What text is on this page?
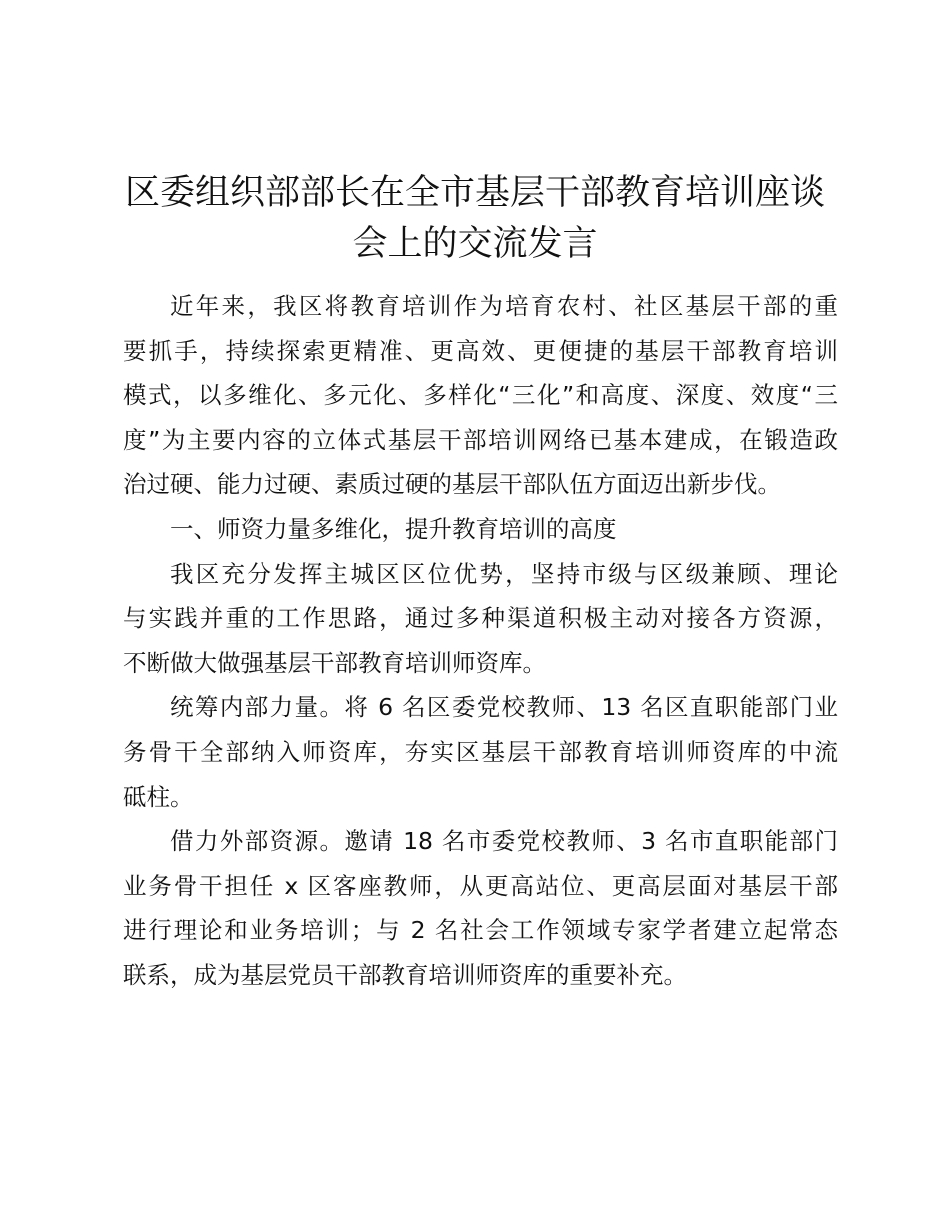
区委组织部部长在全市基层干部教育培训座谈
会上的交流发言
近年来，我区将教育培训作为培育农村、社区基层干部的重
要抓手，持续探索更精准、更高效、更便捷的基层干部教育培训
模式，以多维化、多元化、多样化“三化”和高度、深度、效度“三
度”为主要内容的立体式基层干部培训网络已基本建成，在锻造政
治过硬、能力过硬、素质过硬的基层干部队伍方面迈出新步伐。
一、师资力量多维化，提升教育培训的高度
我区充分发挥主城区区位优势，坚持市级与区级兼顾、理论
与实践并重的工作思路，通过多种渠道积极主动对接各方资源，
不断做大做强基层干部教育培训师资库。
统筹内部力量。将 6 名区委党校教师、13 名区直职能部门业
务骨干全部纳入师资库，夯实区基层干部教育培训师资库的中流
砥柱。
借力外部资源。邀请 18 名市委党校教师、3 名市直职能部门
业务骨干担任 x 区客座教师，从更高站位、更高层面对基层干部
进行理论和业务培训；与 2 名社会工作领域专家学者建立起常态
联系，成为基层党员干部教育培训师资库的重要补充。
